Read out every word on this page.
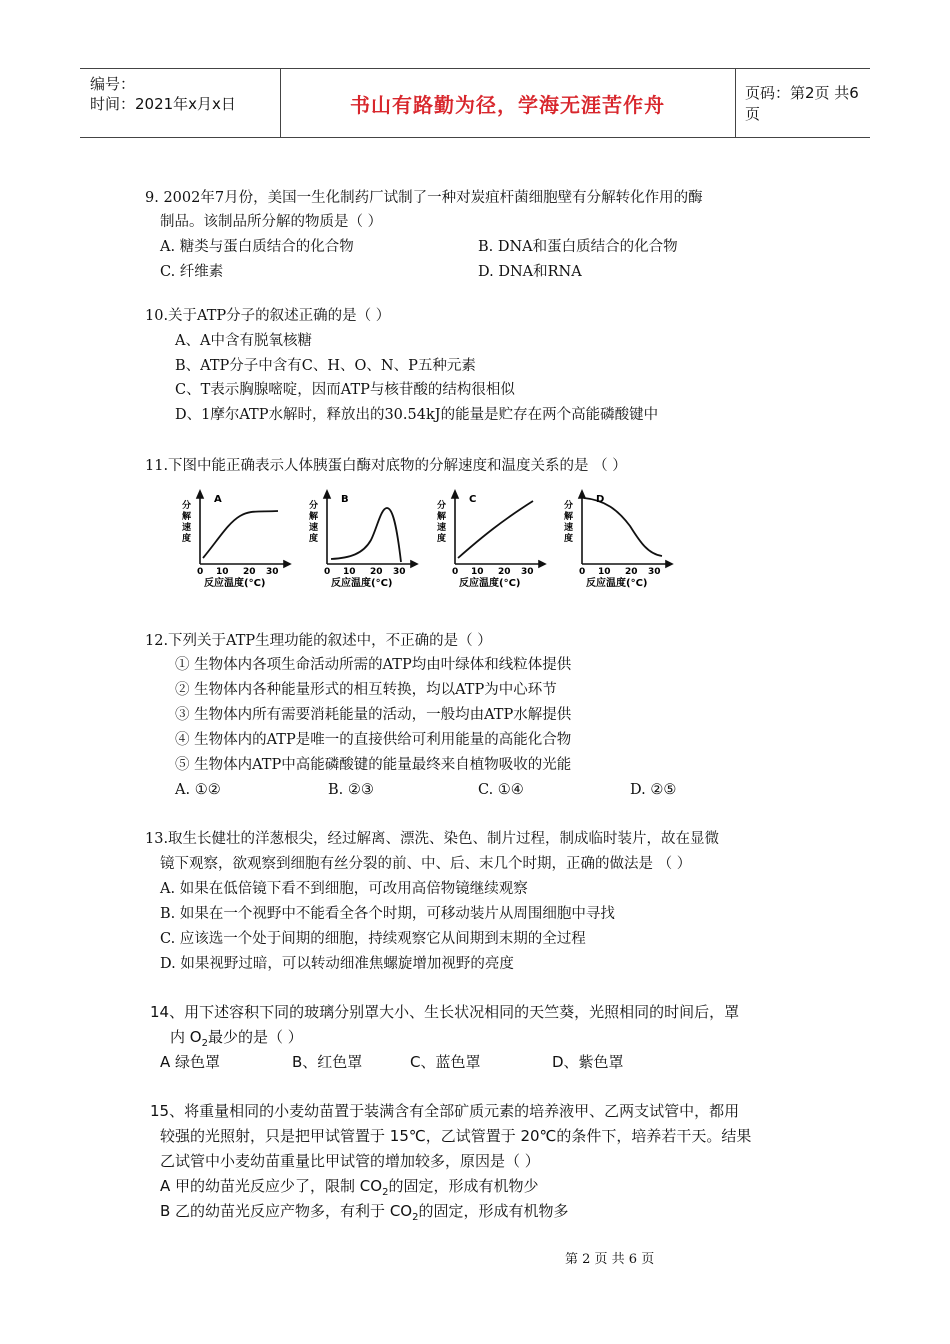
编号：
时间：2021年x月x日	书山有路勤为径，学海无涯苦作舟	页码：第2页 共6页
9. 2002年7月份，美国一生化制药厂试制了一种对炭疽杆菌细胞壁有分解转化作用的酶
制品。该制品所分解的物质是（ ）
A. 糖类与蛋白质结合的化合物	B. DNA和蛋白质结合的化合物
C. 纤维素	D. DNA和RNA
10.关于ATP分子的叙述正确的是（ ）
A、A中含有脱氧核糖
B、ATP分子中含有C、H、O、N、P五种元素
C、T表示胸腺嘧啶，因而ATP与核苷酸的结构很相似
D、1摩尔ATP水解时，释放出的30.54kJ的能量是贮存在两个高能磷酸键中
11.下图中能正确表示人体胰蛋白酶对底物的分解速度和温度关系的是 （ ）
A
分
解
速
度
0 10 20 30
反应温度(°C)
B
分
解
速
度
0 10 20 30
反应温度(°C)
C
分
解
速
度
0 10 20 30
反应温度(°C)
D
分
解
速
度
0 10 20 30
反应温度(°C)
12.下列关于ATP生理功能的叙述中，不正确的是（ ）
① 生物体内各项生命活动所需的ATP均由叶绿体和线粒体提供
② 生物体内各种能量形式的相互转换，均以ATP为中心环节
③ 生物体内所有需要消耗能量的活动，一般均由ATP水解提供
④ 生物体内的ATP是唯一的直接供给可利用能量的高能化合物
⑤ 生物体内ATP中高能磷酸键的能量最终来自植物吸收的光能
A. ①②	B. ②③	C. ①④	D. ②⑤
13.取生长健壮的洋葱根尖，经过解离、漂洗、染色、制片过程，制成临时装片，故在显微
镜下观察，欲观察到细胞有丝分裂的前、中、后、末几个时期，正确的做法是 （ ）
A. 如果在低倍镜下看不到细胞，可改用高倍物镜继续观察
B. 如果在一个视野中不能看全各个时期，可移动装片从周围细胞中寻找
C. 应该选一个处于间期的细胞，持续观察它从间期到末期的全过程
D. 如果视野过暗，可以转动细准焦螺旋增加视野的亮度
14、用下述容积下同的玻璃分别罩大小、生长状况相同的天竺葵，光照相同的时间后，罩
内 $O_2$最少的是（ ）
A 绿色罩	B、红色罩	C、蓝色罩	D、紫色罩
15、将重量相同的小麦幼苗置于装满含有全部矿质元素的培养液甲、乙两支试管中，都用
较强的光照射，只是把甲试管置于 15℃，乙试管置于 20℃的条件下，培养若干天。结果
乙试管中小麦幼苗重量比甲试管的增加较多，原因是（ ）
A 甲的幼苗光反应少了，限制 $CO_2$的固定，形成有机物少
B 乙的幼苗光反应产物多，有利于 $CO_2$的固定，形成有机物多
第 2 页 共 6 页
